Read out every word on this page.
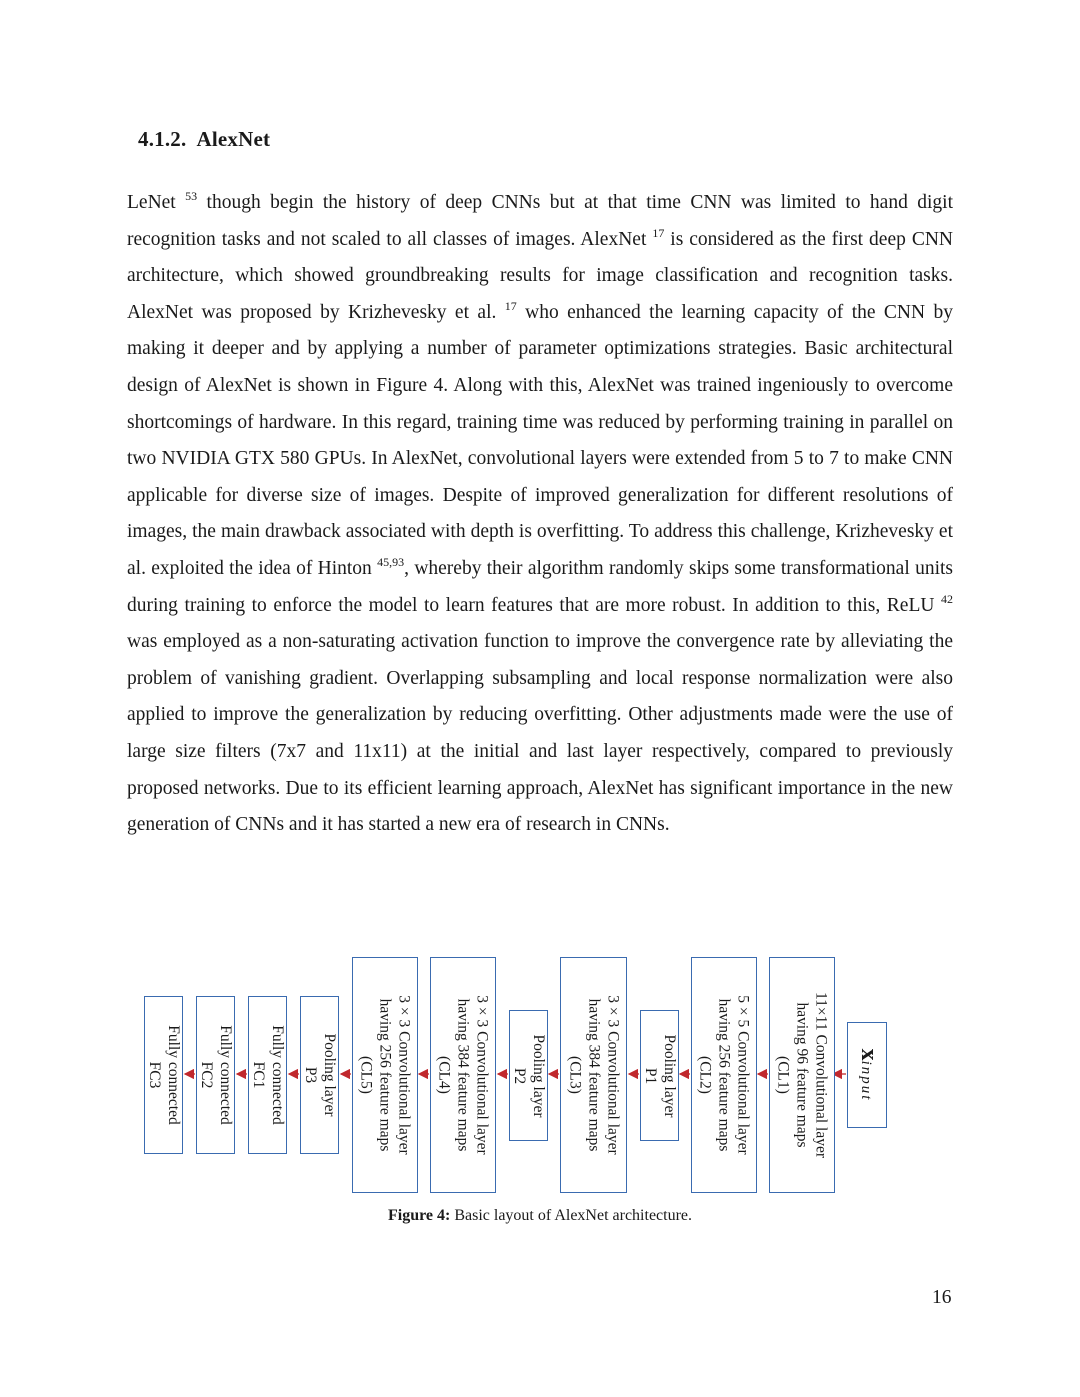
4.1.2. AlexNet

LeNet $^{53}$ though begin the history of deep CNNs but at that time CNN was limited to hand digit recognition tasks and not scaled to all classes of images. AlexNet $^{17}$ is considered as the first deep CNN architecture, which showed groundbreaking results for image classification and recognition tasks. AlexNet was proposed by Krizhevesky et al. $^{17}$ who enhanced the learning capacity of the CNN by making it deeper and by applying a number of parameter optimizations strategies. Basic architectural design of AlexNet is shown in Figure 4. Along with this, AlexNet was trained ingeniously to overcome shortcomings of hardware. In this regard, training time was reduced by performing training in parallel on two NVIDIA GTX 580 GPUs. In AlexNet, convolutional layers were extended from 5 to 7 to make CNN applicable for diverse size of images. Despite of improved generalization for different resolutions of images, the main drawback associated with depth is overfitting. To address this challenge, Krizhevesky et al. exploited the idea of Hinton $^{45,93}$, whereby their algorithm randomly skips some transformational units during training to enforce the model to learn features that are more robust. In addition to this, ReLU $^{42}$ was employed as a non-saturating activation function to improve the convergence rate by alleviating the problem of vanishing gradient. Overlapping subsampling and local response normalization were also applied to improve the generalization by reducing overfitting. Other adjustments made were the use of large size filters (7x7 and 11x11) at the initial and last layer respectively, compared to previously proposed networks. Due to its efficient learning approach, AlexNet has significant importance in the new generation of CNNs and it has started a new era of research in CNNs.

xinput
11×11 Convolutional layer
having 96 feature maps
(CL1)
5 × 5 Convolutional layer
having 256 feature maps
(CL2)
Pooling layer
P1
3 × 3 Convolutional layer
having 384 feature maps
(CL3)
Pooling layer
P2
3 × 3 Convolutional layer
having 384 feature maps
(CL4)
3 × 3 Convolutional layer
having 256 feature maps
(CL5)
Pooling layer
P3
Fully connected
FC1
Fully connected
FC2
Fully connected
FC3
Figure 4: Basic layout of AlexNet architecture.
16
